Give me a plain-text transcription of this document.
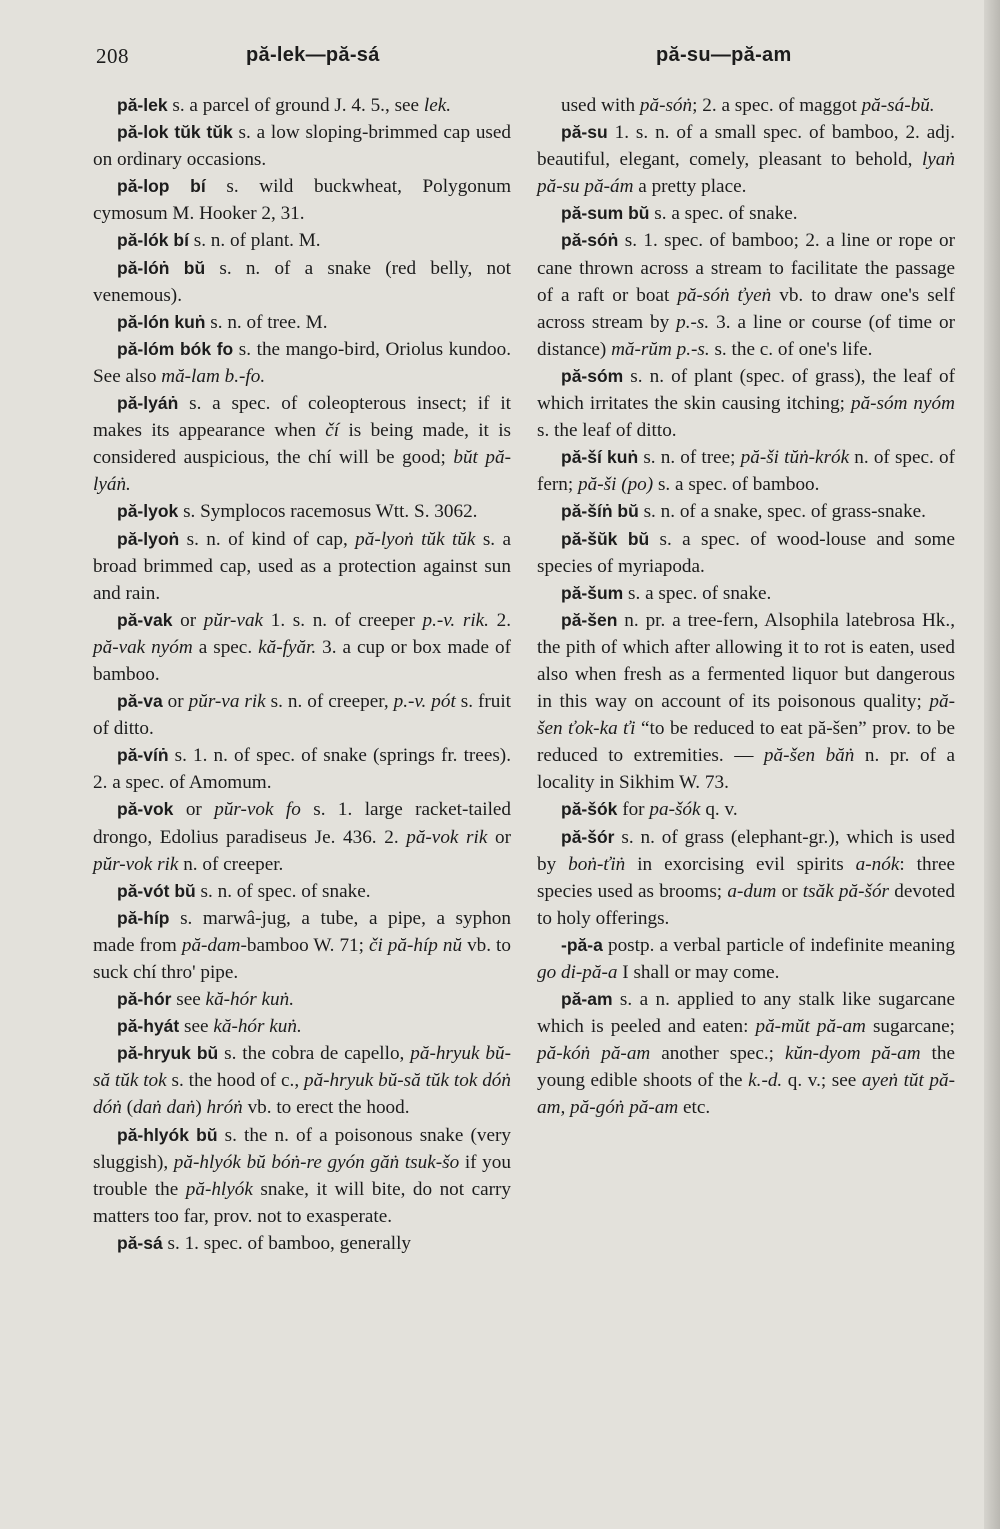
208	pă-lek—pă-sá	pă-su—pă-am

pă-lek s. a parcel of ground J. 4. 5., see lek.

pă-lok tŭk tŭk s. a low sloping-brimmed cap used on ordinary occasions.

pă-lop bí s. wild buckwheat, Polygonum cymosum M. Hooker 2, 31.

pă-lók bí s. n. of plant. M.

pă-lóṅ bŭ s. n. of a snake (red belly, not venemous).

pă-lón kuṅ s. n. of tree. M.

pă-lóm bók fo s. the mango-bird, Oriolus kundoo. See also mă-lam b.-fo.

pă-lyáṅ s. a spec. of coleopterous insect; if it makes its appearance when čí is being made, it is considered auspicious, the chí will be good; bŭt pă-lyáṅ.

pă-lyok s. Symplocos racemosus Wtt. S. 3062.

pă-lyoṅ s. n. of kind of cap, pă-lyoṅ tŭk tŭk s. a broad brimmed cap, used as a protection against sun and rain.

pă-vak or pŭr-vak 1. s. n. of creeper p.-v. rik. 2. pă-vak nyóm a spec. kă-fyăr. 3. a cup or box made of bamboo.

pă-va or pŭr-va rik s. n. of creeper, p.-v. pót s. fruit of ditto.

pă-víṅ s. 1. n. of spec. of snake (springs fr. trees). 2. a spec. of Amomum.

pă-vok or pŭr-vok fo s. 1. large racket-tailed drongo, Edolius paradiseus Je. 436. 2. pă-vok rik or pŭr-vok rik n. of creeper.

pă-vót bŭ s. n. of spec. of snake.

pă-híp s. marwâ-jug, a tube, a pipe, a syphon made from pă-dam-bamboo W. 71; či pă-híp nŭ vb. to suck chí thro' pipe.

pă-hór see kă-hór kuṅ.

pă-hyát see kă-hór kuṅ.

pă-hryuk bŭ s. the cobra de capello, pă-hryuk bŭ-să tŭk tok s. the hood of c., pă-hryuk bŭ-să tŭk tok dóṅ dóṅ (daṅ daṅ) hróṅ vb. to erect the hood.

pă-hlyók bŭ s. the n. of a poisonous snake (very sluggish), pă-hlyók bŭ bóṅ-re gyón găṅ tsuk-šo if you trouble the pă-hlyók snake, it will bite, do not carry matters too far, prov. not to exasperate.

pă-sá s. 1. spec. of bamboo, generally

used with pă-sóṅ; 2. a spec. of maggot pă-sá-bŭ.

pă-su 1. s. n. of a small spec. of bamboo, 2. adj. beautiful, elegant, comely, pleasant to behold, lyaṅ pă-su pă-ám a pretty place.

pă-sum bŭ s. a spec. of snake.

pă-sóṅ s. 1. spec. of bamboo; 2. a line or rope or cane thrown across a stream to facilitate the passage of a raft or boat pă-sóṅ ťyeṅ vb. to draw one's self across stream by p.-s. 3. a line or course (of time or distance) mă-rŭm p.-s. s. the c. of one's life.

pă-sóm s. n. of plant (spec. of grass), the leaf of which irritates the skin causing itching; pă-sóm nyóm s. the leaf of ditto.

pă-ší kuṅ s. n. of tree; pă-ši tŭṅ-krók n. of spec. of fern; pă-ši (po) s. a spec. of bamboo.

pă-šíṅ bŭ s. n. of a snake, spec. of grass-snake.

pă-šŭk bŭ s. a spec. of wood-louse and some species of myriapoda.

pă-šum s. a spec. of snake.

pă-šen n. pr. a tree-fern, Alsophila latebrosa Hk., the pith of which after allowing it to rot is eaten, used also when fresh as a fermented liquor but dangerous in this way on account of its poisonous quality; pă-šen ťok-ka ťi “to be reduced to eat pă-šen” prov. to be reduced to extremities. — pă-šen băṅ n. pr. of a locality in Sikhim W. 73.

pă-šók for pa-šók q. v.

pă-šór s. n. of grass (elephant-gr.), which is used by boṅ-ťiṅ in exorcising evil spirits a-nók: three species used as brooms; a-dum or tsăk pă-šór devoted to holy offerings.

-pă-a postp. a verbal particle of indefinite meaning go di-pă-a I shall or may come.

pă-am s. a n. applied to any stalk like sugarcane which is peeled and eaten: pă-mŭt pă-am sugarcane; pă-kóṅ pă-am another spec.; kŭn-dyom pă-am the young edible shoots of the k.-d. q. v.; see ayeṅ tŭt pă-am, pă-góṅ pă-am etc.
